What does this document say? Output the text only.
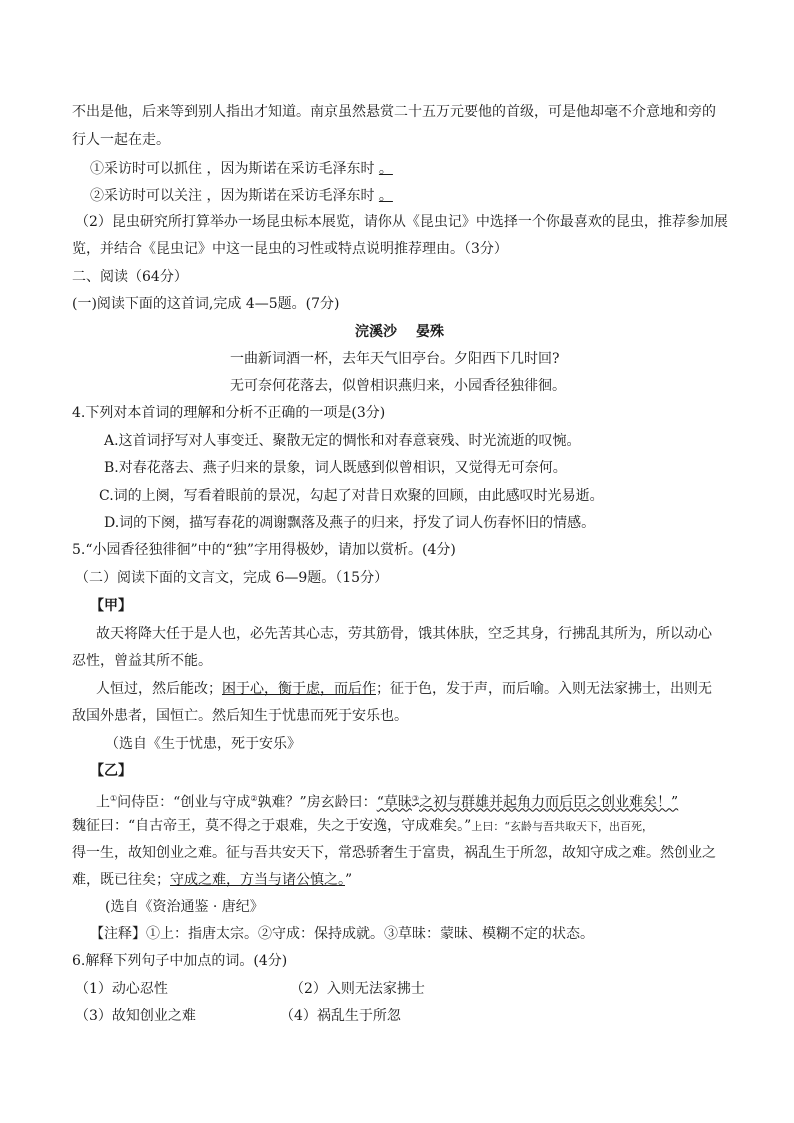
不出是他，后来等到别人指出才知道。南京虽然悬赏二十五万元要他的首级，可是他却毫不介意地和旁的
行人一起在走。
①采访时可以抓住 ，因为斯诺在采访毛泽东时 。
②采访时可以关注 ，因为斯诺在采访毛泽东时 。
（2）昆虫研究所打算举办一场昆虫标本展览，请你从《昆虫记》中选择一个你最喜欢的昆虫，推荐参加展
览，并结合《昆虫记》中这一昆虫的习性或特点说明推荐理由。（3分）
二、阅读（64分）
(一)阅读下面的这首词,完成 4—5题。(7分)
浣溪沙 晏殊
一曲新词酒一杯，去年天气旧亭台。夕阳西下几时回?
无可奈何花落去，似曾相识燕归来，小园香径独徘徊。
4.下列对本首词的理解和分析不正确的一项是(3分)
A.这首词抒写对人事变迁、聚散无定的惆怅和对春意衰残、时光流逝的叹惋。
B.对春花落去、燕子归来的景象，词人既感到似曾相识，又觉得无可奈何。
C.词的上阕，写看着眼前的景况，勾起了对昔日欢聚的回顾，由此感叹时光易逝。
D.词的下阕，描写春花的凋谢飘落及燕子的归来，抒发了词人伤春怀旧的情感。
5.“小园香径独徘徊”中的“独”字用得极妙，请加以赏析。(4分)
（二）阅读下面的文言文，完成 6—9题。（15分）
【甲】
故天将降大任于是人也，必先苦其心志，劳其筋骨，饿其体肤，空乏其身，行拂乱其所为，所以动心
忍性，曾益其所不能。
人恒过，然后能改；困于心，衡于虑，而后作；征于色，发于声，而后喻。入则无法家拂士，出则无
敌国外患者，国恒亡。然后知生于忧患而死于安乐也。
（选自《生于忧患，死于安乐》
【乙】
上①问侍臣：“创业与守成②孰难？”房玄龄曰：“草昧③之初与群雄并起角力而后臣之创业难矣！”
魏征曰：“自古帝王，莫不得之于艰难，失之于安逸，守成难矣。”上曰：“玄龄与吾共取天下，出百死，
得一生，故知创业之难。征与吾共安天下，常恐骄奢生于富贵，祸乱生于所忽，故知守成之难。然创业之
难，既已往矣；守成之难，方当与诸公慎之。”
(选自《资治通鉴 · 唐纪》
【注释】①上：指唐太宗。②守成：保持成就。③草昧：蒙昧、模糊不定的状态。
6.解释下列句子中加点的词。(4分)
（1）动心忍性	（2）入则无法家拂士
（3）故知创业之难	（4）祸乱生于所忽
